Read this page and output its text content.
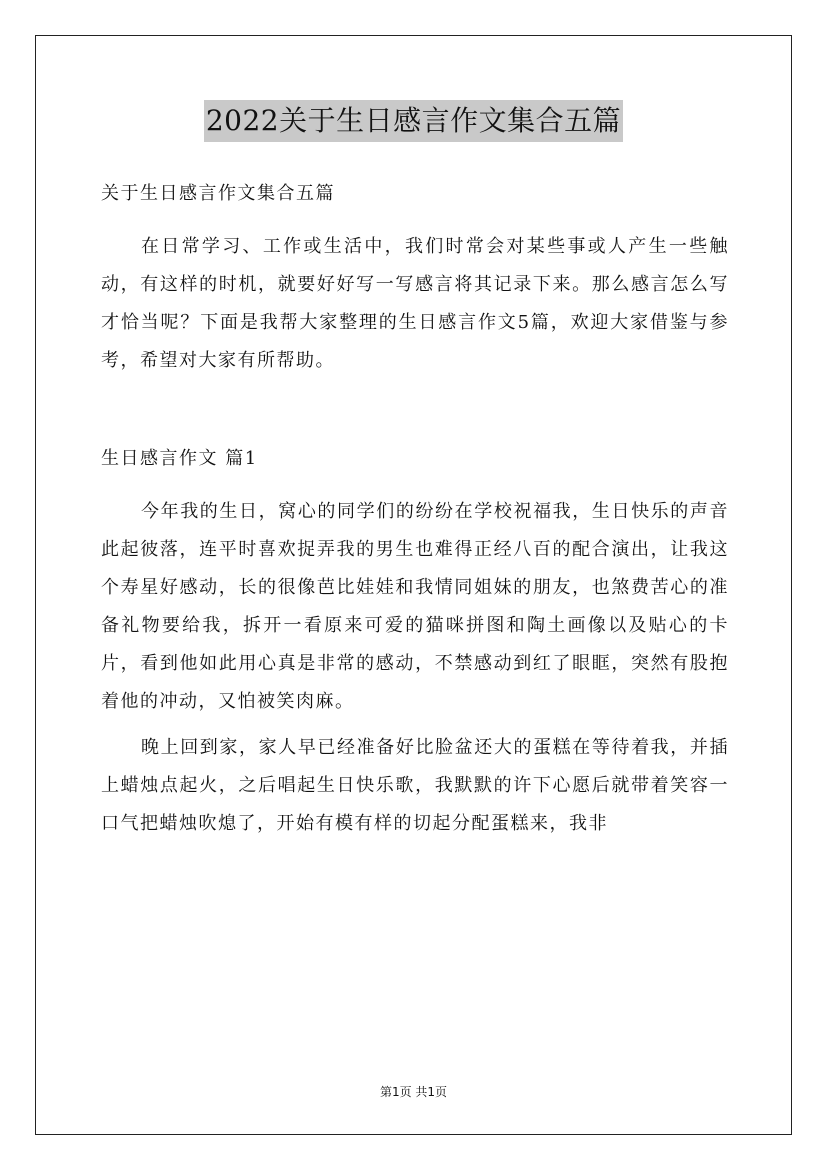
2022关于生日感言作文集合五篇

关于生日感言作文集合五篇

在日常学习、工作或生活中，我们时常会对某些事或人产生一些触动，有这样的时机，就要好好写一写感言将其记录下来。那么感言怎么写才恰当呢？下面是我帮大家整理的生日感言作文5篇，欢迎大家借鉴与参考，希望对大家有所帮助。

生日感言作文 篇1

今年我的生日，窝心的同学们的纷纷在学校祝福我，生日快乐的声音此起彼落，连平时喜欢捉弄我的男生也难得正经八百的配合演出，让我这个寿星好感动，长的很像芭比娃娃和我情同姐妹的朋友，也煞费苦心的准备礼物要给我，拆开一看原来可爱的猫咪拼图和陶土画像以及贴心的卡片，看到他如此用心真是非常的感动，不禁感动到红了眼眶，突然有股抱着他的冲动，又怕被笑肉麻。

晚上回到家，家人早已经准备好比脸盆还大的蛋糕在等待着我，并插上蜡烛点起火，之后唱起生日快乐歌，我默默的许下心愿后就带着笑容一口气把蜡烛吹熄了，开始有模有样的切起分配蛋糕来，我非

第1页 共1页
